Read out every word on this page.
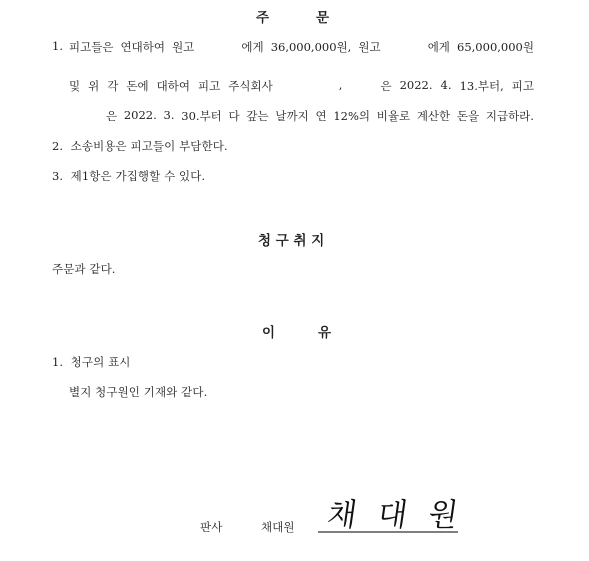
주	문
1. 피고들은 연대하여 원고	에게 36,000,000원, 원고	에게 65,000,000원
및 위 각 돈에 대하여 피고 주식회사	,	은 2022. 4. 13.부터, 피고
은 2022. 3. 30.부터 다 갚는 날까지 연 12%의 비율로 계산한 돈을 지급하라.
2.  소송비용은 피고들이 부담한다.
3.  제1항은 가집행할 수 있다.
청 구 취 지
주문과 같다.
이	유
1.  청구의 표시
별지 청구원인 기재와 같다.
판사	채대원 채 대 원
